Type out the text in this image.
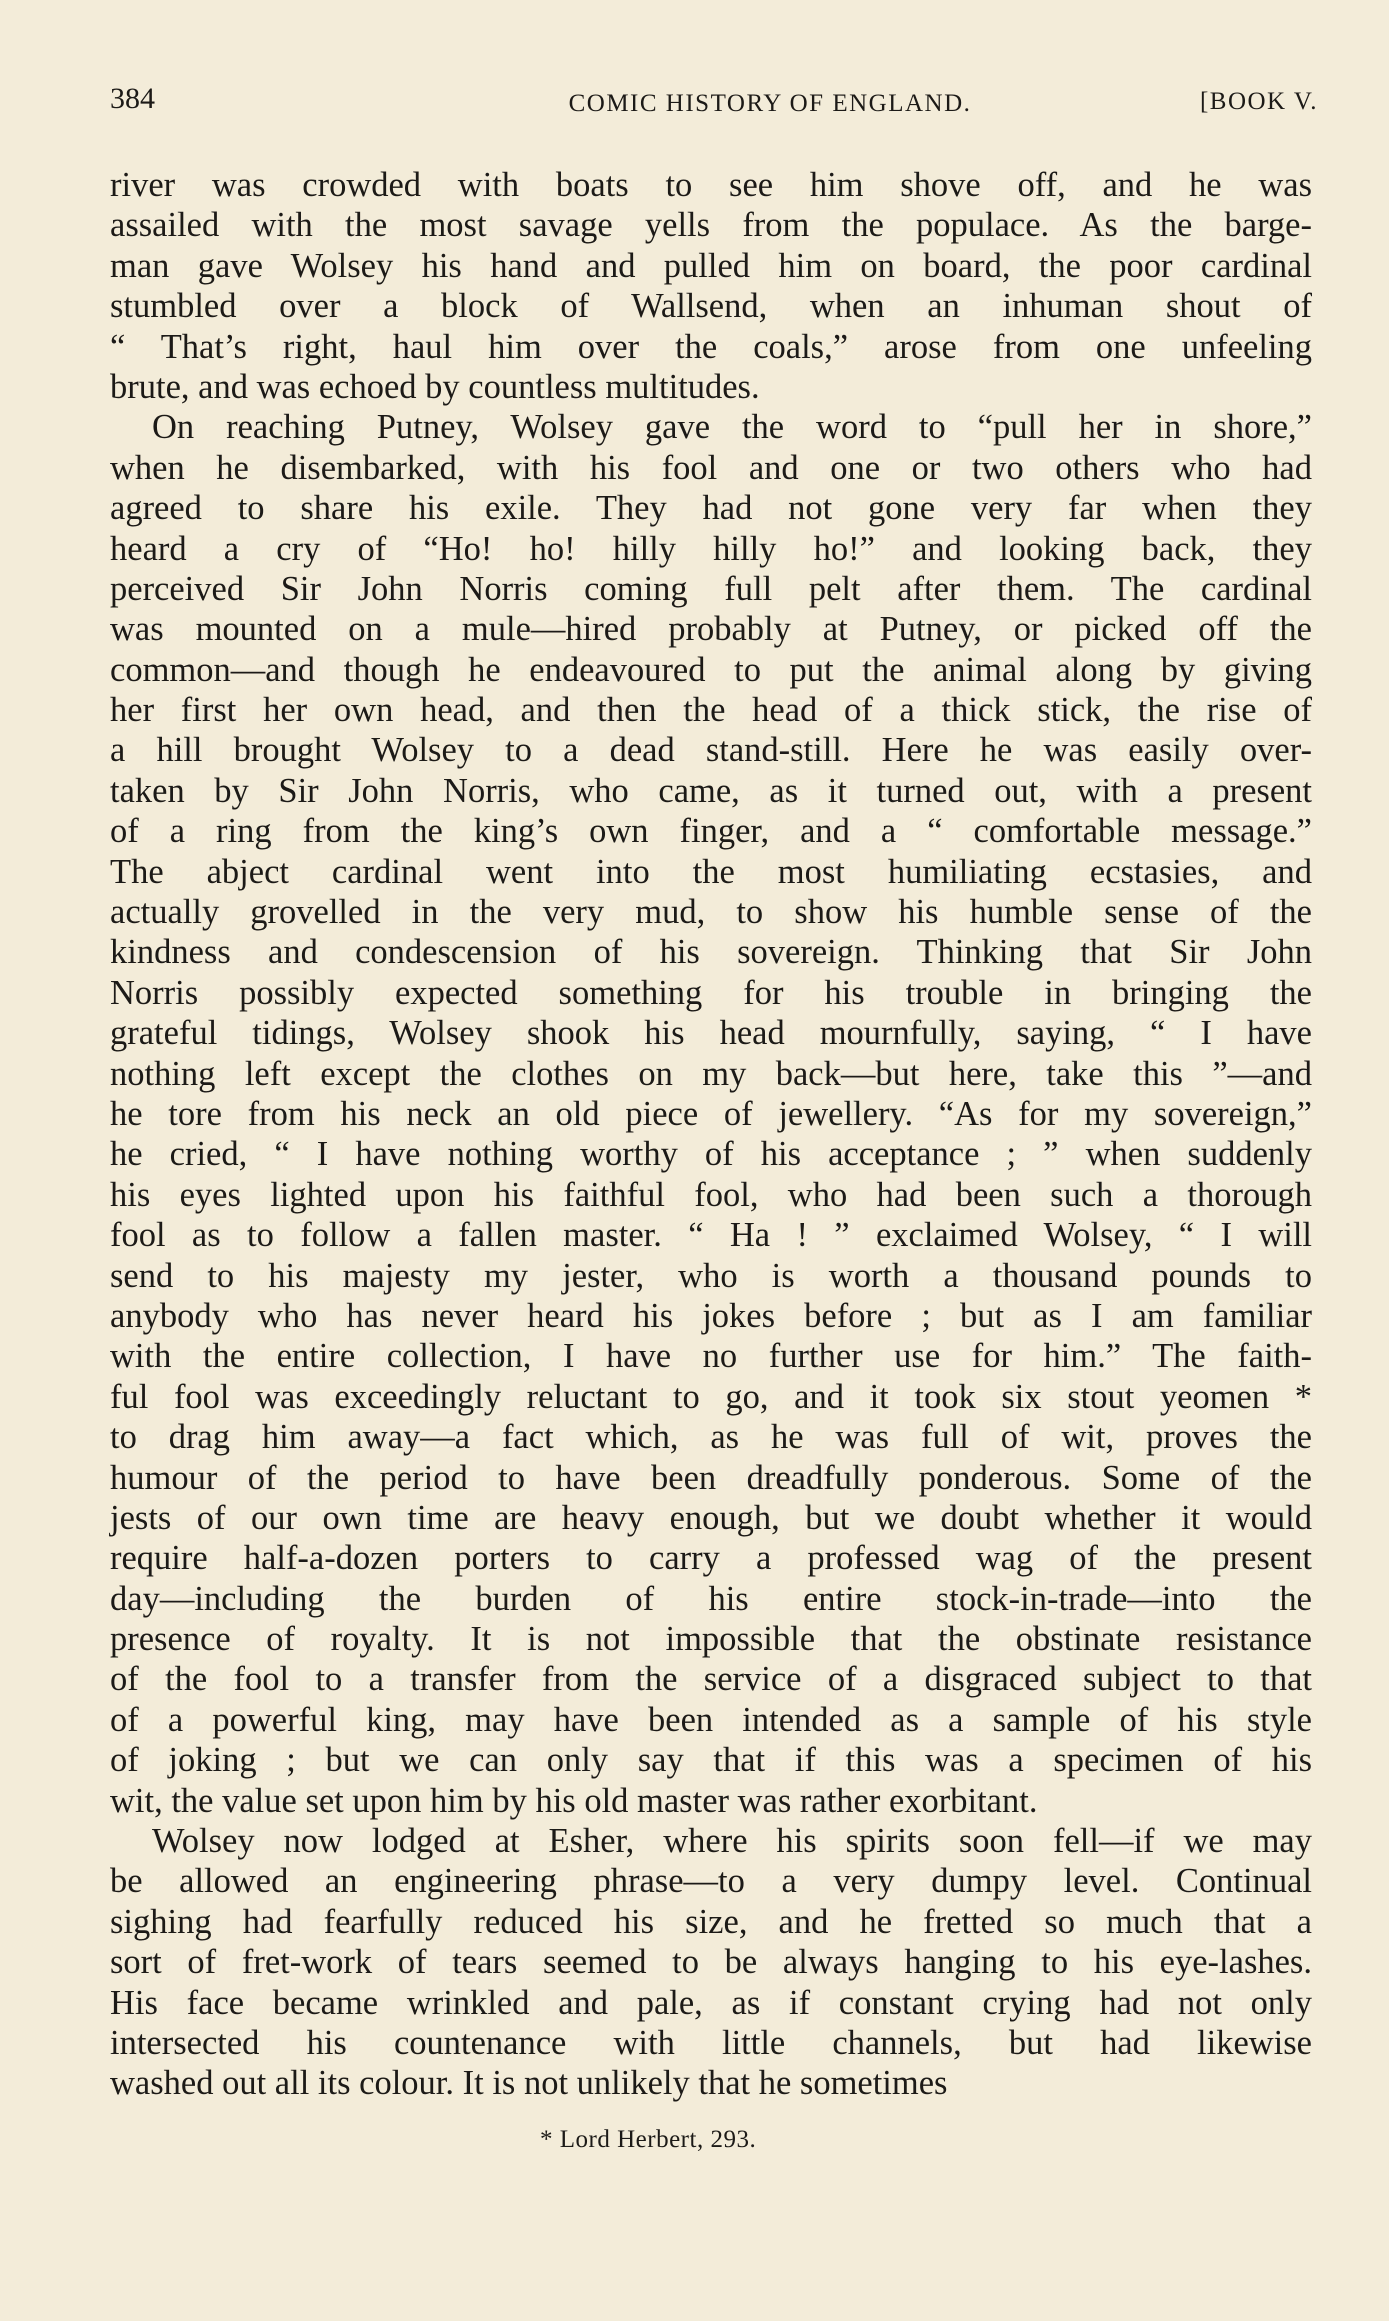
384	COMIC HISTORY OF ENGLAND.	[BOOK V.
river was crowded with boats to see him shove off, and he was
assailed with the most savage yells from the populace. As the barge-
man gave Wolsey his hand and pulled him on board, the poor cardinal
stumbled over a block of Wallsend, when an inhuman shout of
“ That’s right, haul him over the coals,” arose from one unfeeling
brute, and was echoed by countless multitudes.
On reaching Putney, Wolsey gave the word to “pull her in shore,”
when he disembarked, with his fool and one or two others who had
agreed to share his exile. They had not gone very far when they
heard a cry of “Ho! ho! hilly hilly ho!” and looking back, they
perceived Sir John Norris coming full pelt after them. The cardinal
was mounted on a mule—hired probably at Putney, or picked off the
common—and though he endeavoured to put the animal along by giving
her first her own head, and then the head of a thick stick, the rise of
a hill brought Wolsey to a dead stand-still. Here he was easily over-
taken by Sir John Norris, who came, as it turned out, with a present
of a ring from the king’s own finger, and a “ comfortable message.”
The abject cardinal went into the most humiliating ecstasies, and
actually grovelled in the very mud, to show his humble sense of the
kindness and condescension of his sovereign. Thinking that Sir John
Norris possibly expected something for his trouble in bringing the
grateful tidings, Wolsey shook his head mournfully, saying, “ I have
nothing left except the clothes on my back—but here, take this ”—and
he tore from his neck an old piece of jewellery. “As for my sovereign,”
he cried, “ I have nothing worthy of his acceptance ; ” when suddenly
his eyes lighted upon his faithful fool, who had been such a thorough
fool as to follow a fallen master. “ Ha ! ” exclaimed Wolsey, “ I will
send to his majesty my jester, who is worth a thousand pounds to
anybody who has never heard his jokes before ; but as I am familiar
with the entire collection, I have no further use for him.” The faith-
ful fool was exceedingly reluctant to go, and it took six stout yeomen *
to drag him away—a fact which, as he was full of wit, proves the
humour of the period to have been dreadfully ponderous. Some of the
jests of our own time are heavy enough, but we doubt whether it would
require half-a-dozen porters to carry a professed wag of the present
day—including the burden of his entire stock-in-trade—into the
presence of royalty. It is not impossible that the obstinate resistance
of the fool to a transfer from the service of a disgraced subject to that
of a powerful king, may have been intended as a sample of his style
of joking ; but we can only say that if this was a specimen of his
wit, the value set upon him by his old master was rather exorbitant.
Wolsey now lodged at Esher, where his spirits soon fell—if we may
be allowed an engineering phrase—to a very dumpy level. Continual
sighing had fearfully reduced his size, and he fretted so much that a
sort of fret-work of tears seemed to be always hanging to his eye-lashes.
His face became wrinkled and pale, as if constant crying had not only
intersected his countenance with little channels, but had likewise
washed out all its colour. It is not unlikely that he sometimes
* Lord Herbert, 293.
